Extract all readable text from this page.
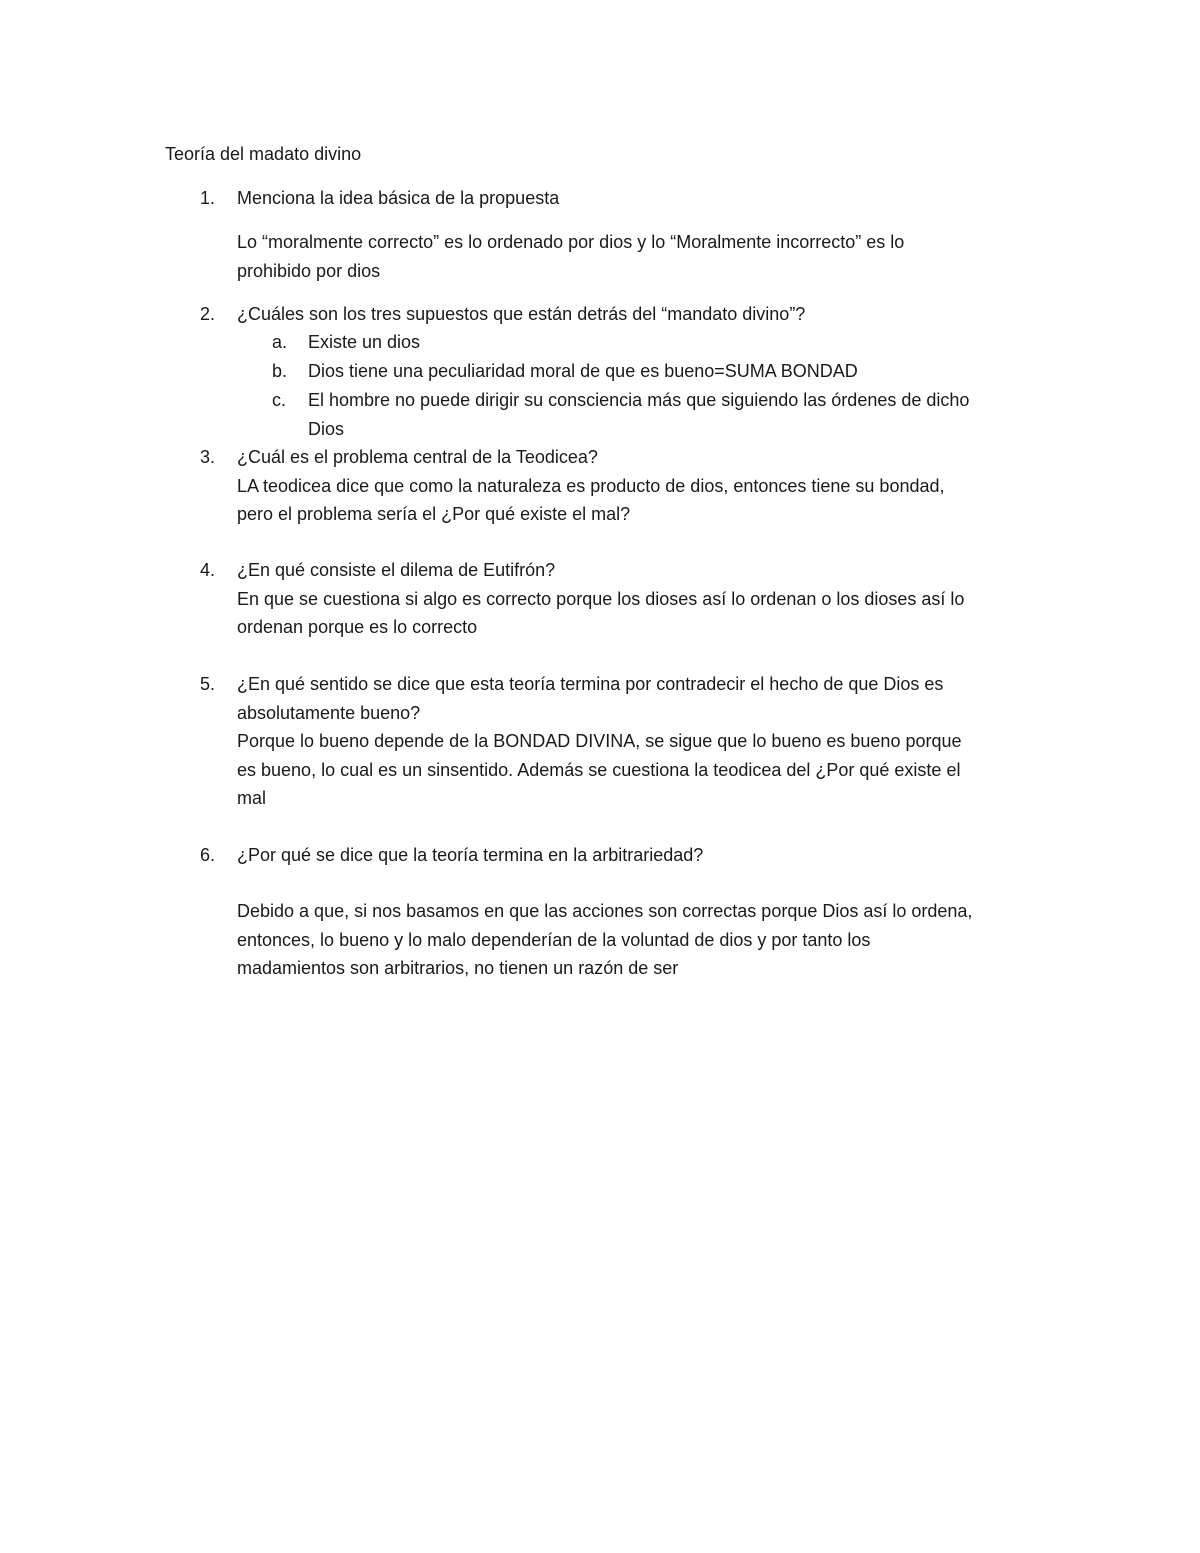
Teoría del madato divino
1. Menciona la idea básica de la propuesta
Lo “moralmente correcto” es lo ordenado por dios y lo “Moralmente incorrecto” es lo
prohibido por dios
2. ¿Cuáles son los tres supuestos que están detrás del “mandato divino”?
a. Existe un dios
b. Dios tiene una peculiaridad moral de que es bueno=SUMA BONDAD
c. El hombre no puede dirigir su consciencia más que siguiendo las órdenes de dicho
Dios
3. ¿Cuál es el problema central de la Teodicea?
LA teodicea dice que como la naturaleza es producto de dios, entonces tiene su bondad,
pero el problema sería el ¿Por qué existe el mal?
4. ¿En qué consiste el dilema de Eutifrón?
En que se cuestiona si algo es correcto porque los dioses así lo ordenan o los dioses así lo
ordenan porque es lo correcto
5. ¿En qué sentido se dice que esta teoría termina por contradecir el hecho de que Dios es
absolutamente bueno?
Porque lo bueno depende de la BONDAD DIVINA, se sigue que lo bueno es bueno porque
es bueno, lo cual es un sinsentido. Además se cuestiona la teodicea del ¿Por qué existe el
mal
6. ¿Por qué se dice que la teoría termina en la arbitrariedad?
Debido a que, si nos basamos en que las acciones son correctas porque Dios así lo ordena,
entonces, lo bueno y lo malo dependerían de la voluntad de dios y por tanto los
madamientos son arbitrarios, no tienen un razón de ser
